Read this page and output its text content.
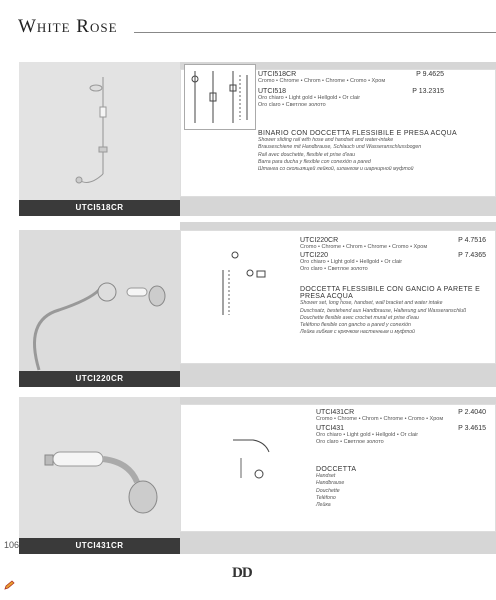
White Rose
UTCI518CR
UTCI518CR	P 9.4625
Cromo • Chrome • Chrom • Chrome • Cromo • Хром
UTCI518	P 13.2315
Oro chiaro • Light gold • Hellgold • Or clair
Oro claro • Светлое золото
BINARIO CON DOCCETTA FLESSIBILE E PRESA ACQUA
Shower sliding rail with hose and handset and water-intake
Brauseschiene mit Handbrause, Schlauch und Wasseranschlussbogen
Rail avec douchette, flexible et prise d'eau
Barra para ducha y flexible con conexión a pared
Штанга со скользящей лейкой, шлангом и шарнирной муфтой
UTCI220CR
UTCI220CR	P 4.7516
Cromo • Chrome • Chrom • Chrome • Cromo • Хром
UTCI220	P 7.4365
Oro chiaro • Light gold • Hellgold • Or clair
Oro claro • Светлое золото
DOCCETTA FLESSIBILE CON GANCIO A PARETE E PRESA ACQUA
Shower set, long hose, handset, wall bracket and water intake
Duschsatz, bestehend aus Handbrause, Halterung und Wasseranschluß
Douchette flexible avec crochet mural et prise d'eau
Teléfono flexible con gancho a pared y conexión
Лейка гибкая с крючком настенным и муфтой
UTCI431CR
UTCI431CR	P 2.4040
Cromo • Chrome • Chrom • Chrome • Cromo • Хром
UTCI431	P 3.4615
Oro chiaro • Light gold • Hellgold • Or clair
Oro claro • Светлое золото
DOCCETTA
Handset
Handbrause
Douchette
Teléfono
Лейка
106
DD
